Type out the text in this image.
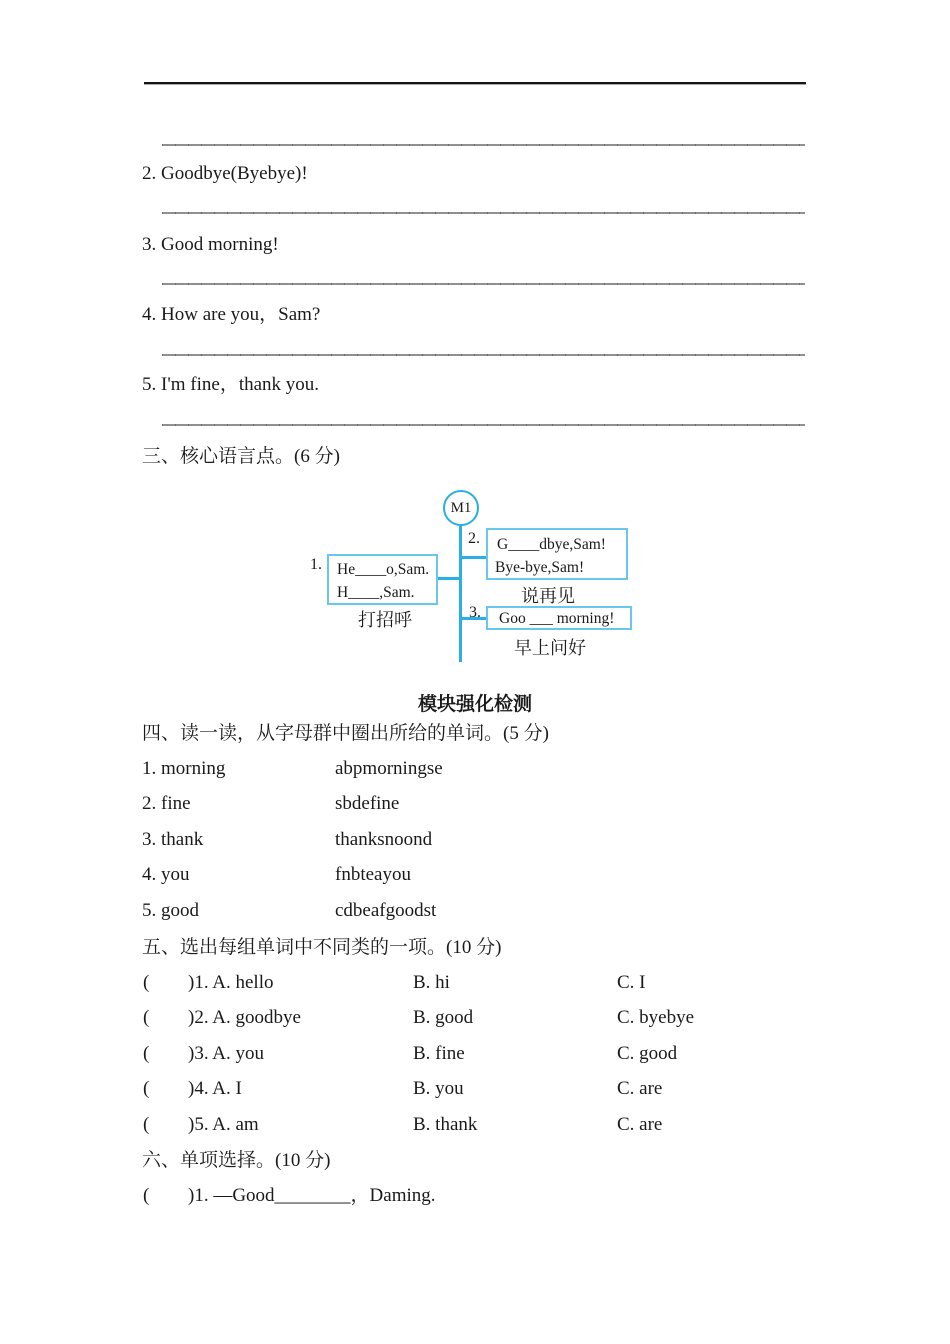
2. Goodbye(Byebye)!
3. Good morning!
4. How are you，Sam?
5. I'm fine，thank you.
三、核心语言点。(6 分)
M1
1. He____o,Sam.
H____,Sam.
打招呼
2.	G____dbye,Sam!
Bye-bye,Sam!
说再见
3.	Goo ___ morning!
早上问好
模块强化检测
四、读一读，从字母群中圈出所给的单词。(5 分)
1. morning	abpmorningse
2. fine	sbdefine
3. thank	thanksnoond
4. you	fnbteayou
5. good	cdbeafgoodst
五、选出每组单词中不同类的一项。(10 分)
( )1. A. hello	B. hi	C. I
( )2. A. goodbye	B. good	C. byebye
( )3. A. you	B. fine	C. good
( )4. A. I	B. you	C. are
( )5. A. am	B. thank	C. are
六、单项选择。(10 分)
( )1. —Good________，Daming.
